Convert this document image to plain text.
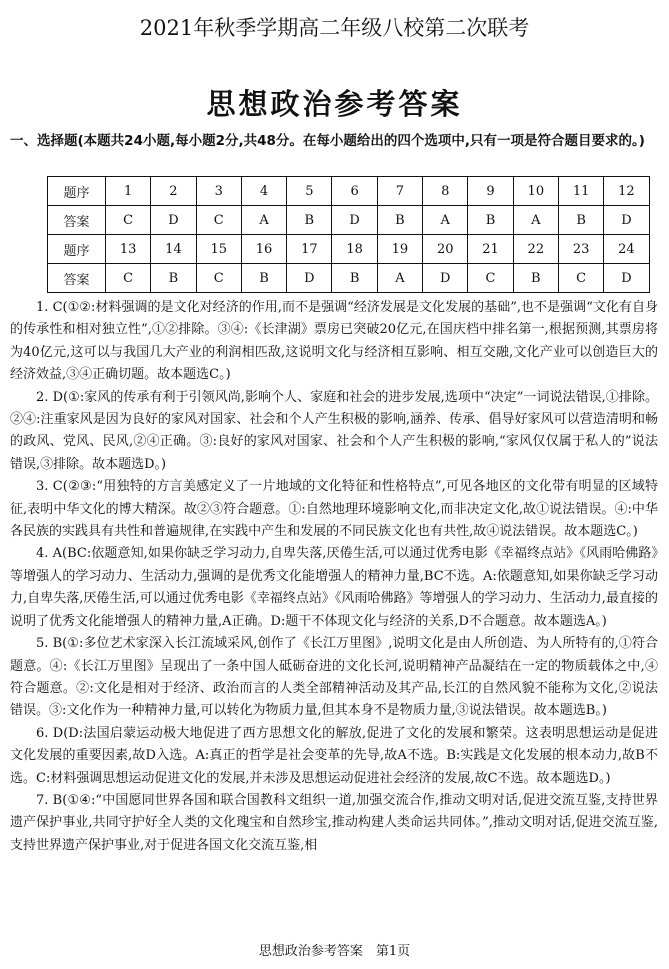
2021年秋季学期高二年级八校第二次联考
思想政治参考答案
一、选择题(本题共24小题,每小题2分,共48分。在每小题给出的四个选项中,只有一项是符合题目要求的。)
题序	1	2	3	4	5	6	7	8	9	10	11	12
答案	C	D	C	A	B	D	B	A	B	A	B	D
题序	13	14	15	16	17	18	19	20	21	22	23	24
答案	C	B	C	B	D	B	A	D	C	B	C	D

1. C(①②:材料强调的是文化对经济的作用,而不是强调“经济发展是文化发展的基础”,也不是强调“文化有自身的传承性和相对独立性”,①②排除。③④:《长津湖》票房已突破20亿元,在国庆档中排名第一,根据预测,其票房将为40亿元,这可以与我国几大产业的利润相匹敌,这说明文化与经济相互影响、相互交融,文化产业可以创造巨大的经济效益,③④正确切题。故本题选C。)

2. D(①:家风的传承有利于引领风尚,影响个人、家庭和社会的进步发展,选项中“决定”一词说法错误,①排除。②④:注重家风是因为良好的家风对国家、社会和个人产生积极的影响,涵养、传承、倡导好家风可以营造清明和畅的政风、党风、民风,②④正确。③:良好的家风对国家、社会和个人产生积极的影响,“家风仅仅属于私人的”说法错误,③排除。故本题选D。)

3. C(②③:“用独特的方言美感定义了一片地域的文化特征和性格特点”,可见各地区的文化带有明显的区域特征,表明中华文化的博大精深。故②③符合题意。①:自然地理环境影响文化,而非决定文化,故①说法错误。④:中华各民族的实践具有共性和普遍规律,在实践中产生和发展的不同民族文化也有共性,故④说法错误。故本题选C。)

4. A(BC:依题意知,如果你缺乏学习动力,自卑失落,厌倦生活,可以通过优秀电影《幸福终点站》《风雨哈佛路》等增强人的学习动力、生活动力,强调的是优秀文化能增强人的精神力量,BC不选。A:依题意知,如果你缺乏学习动力,自卑失落,厌倦生活,可以通过优秀电影《幸福终点站》《风雨哈佛路》等增强人的学习动力、生活动力,最直接的说明了优秀文化能增强人的精神力量,A正确。D:题干不体现文化与经济的关系,D不合题意。故本题选A。)

5. B(①:多位艺术家深入长江流域采风,创作了《长江万里图》,说明文化是由人所创造、为人所特有的,①符合题意。④:《长江万里图》呈现出了一条中国人砥砺奋进的文化长河,说明精神产品凝结在一定的物质载体之中,④符合题意。②:文化是相对于经济、政治而言的人类全部精神活动及其产品,长江的自然风貌不能称为文化,②说法错误。③:文化作为一种精神力量,可以转化为物质力量,但其本身不是物质力量,③说法错误。故本题选B。)

6. D(D:法国启蒙运动极大地促进了西方思想文化的解放,促进了文化的发展和繁荣。这表明思想运动是促进文化发展的重要因素,故D入选。A:真正的哲学是社会变革的先导,故A不选。B:实践是文化发展的根本动力,故B不选。C:材料强调思想运动促进文化的发展,并未涉及思想运动促进社会经济的发展,故C不选。故本题选D。)

7. B(①④:“中国愿同世界各国和联合国教科文组织一道,加强交流合作,推动文明对话,促进交流互鉴,支持世界遗产保护事业,共同守护好全人类的文化瑰宝和自然珍宝,推动构建人类命运共同体。”,推动文明对话,促进交流互鉴,支持世界遗产保护事业,对于促进各国文化交流互鉴,相

思想政治参考答案　第1页
